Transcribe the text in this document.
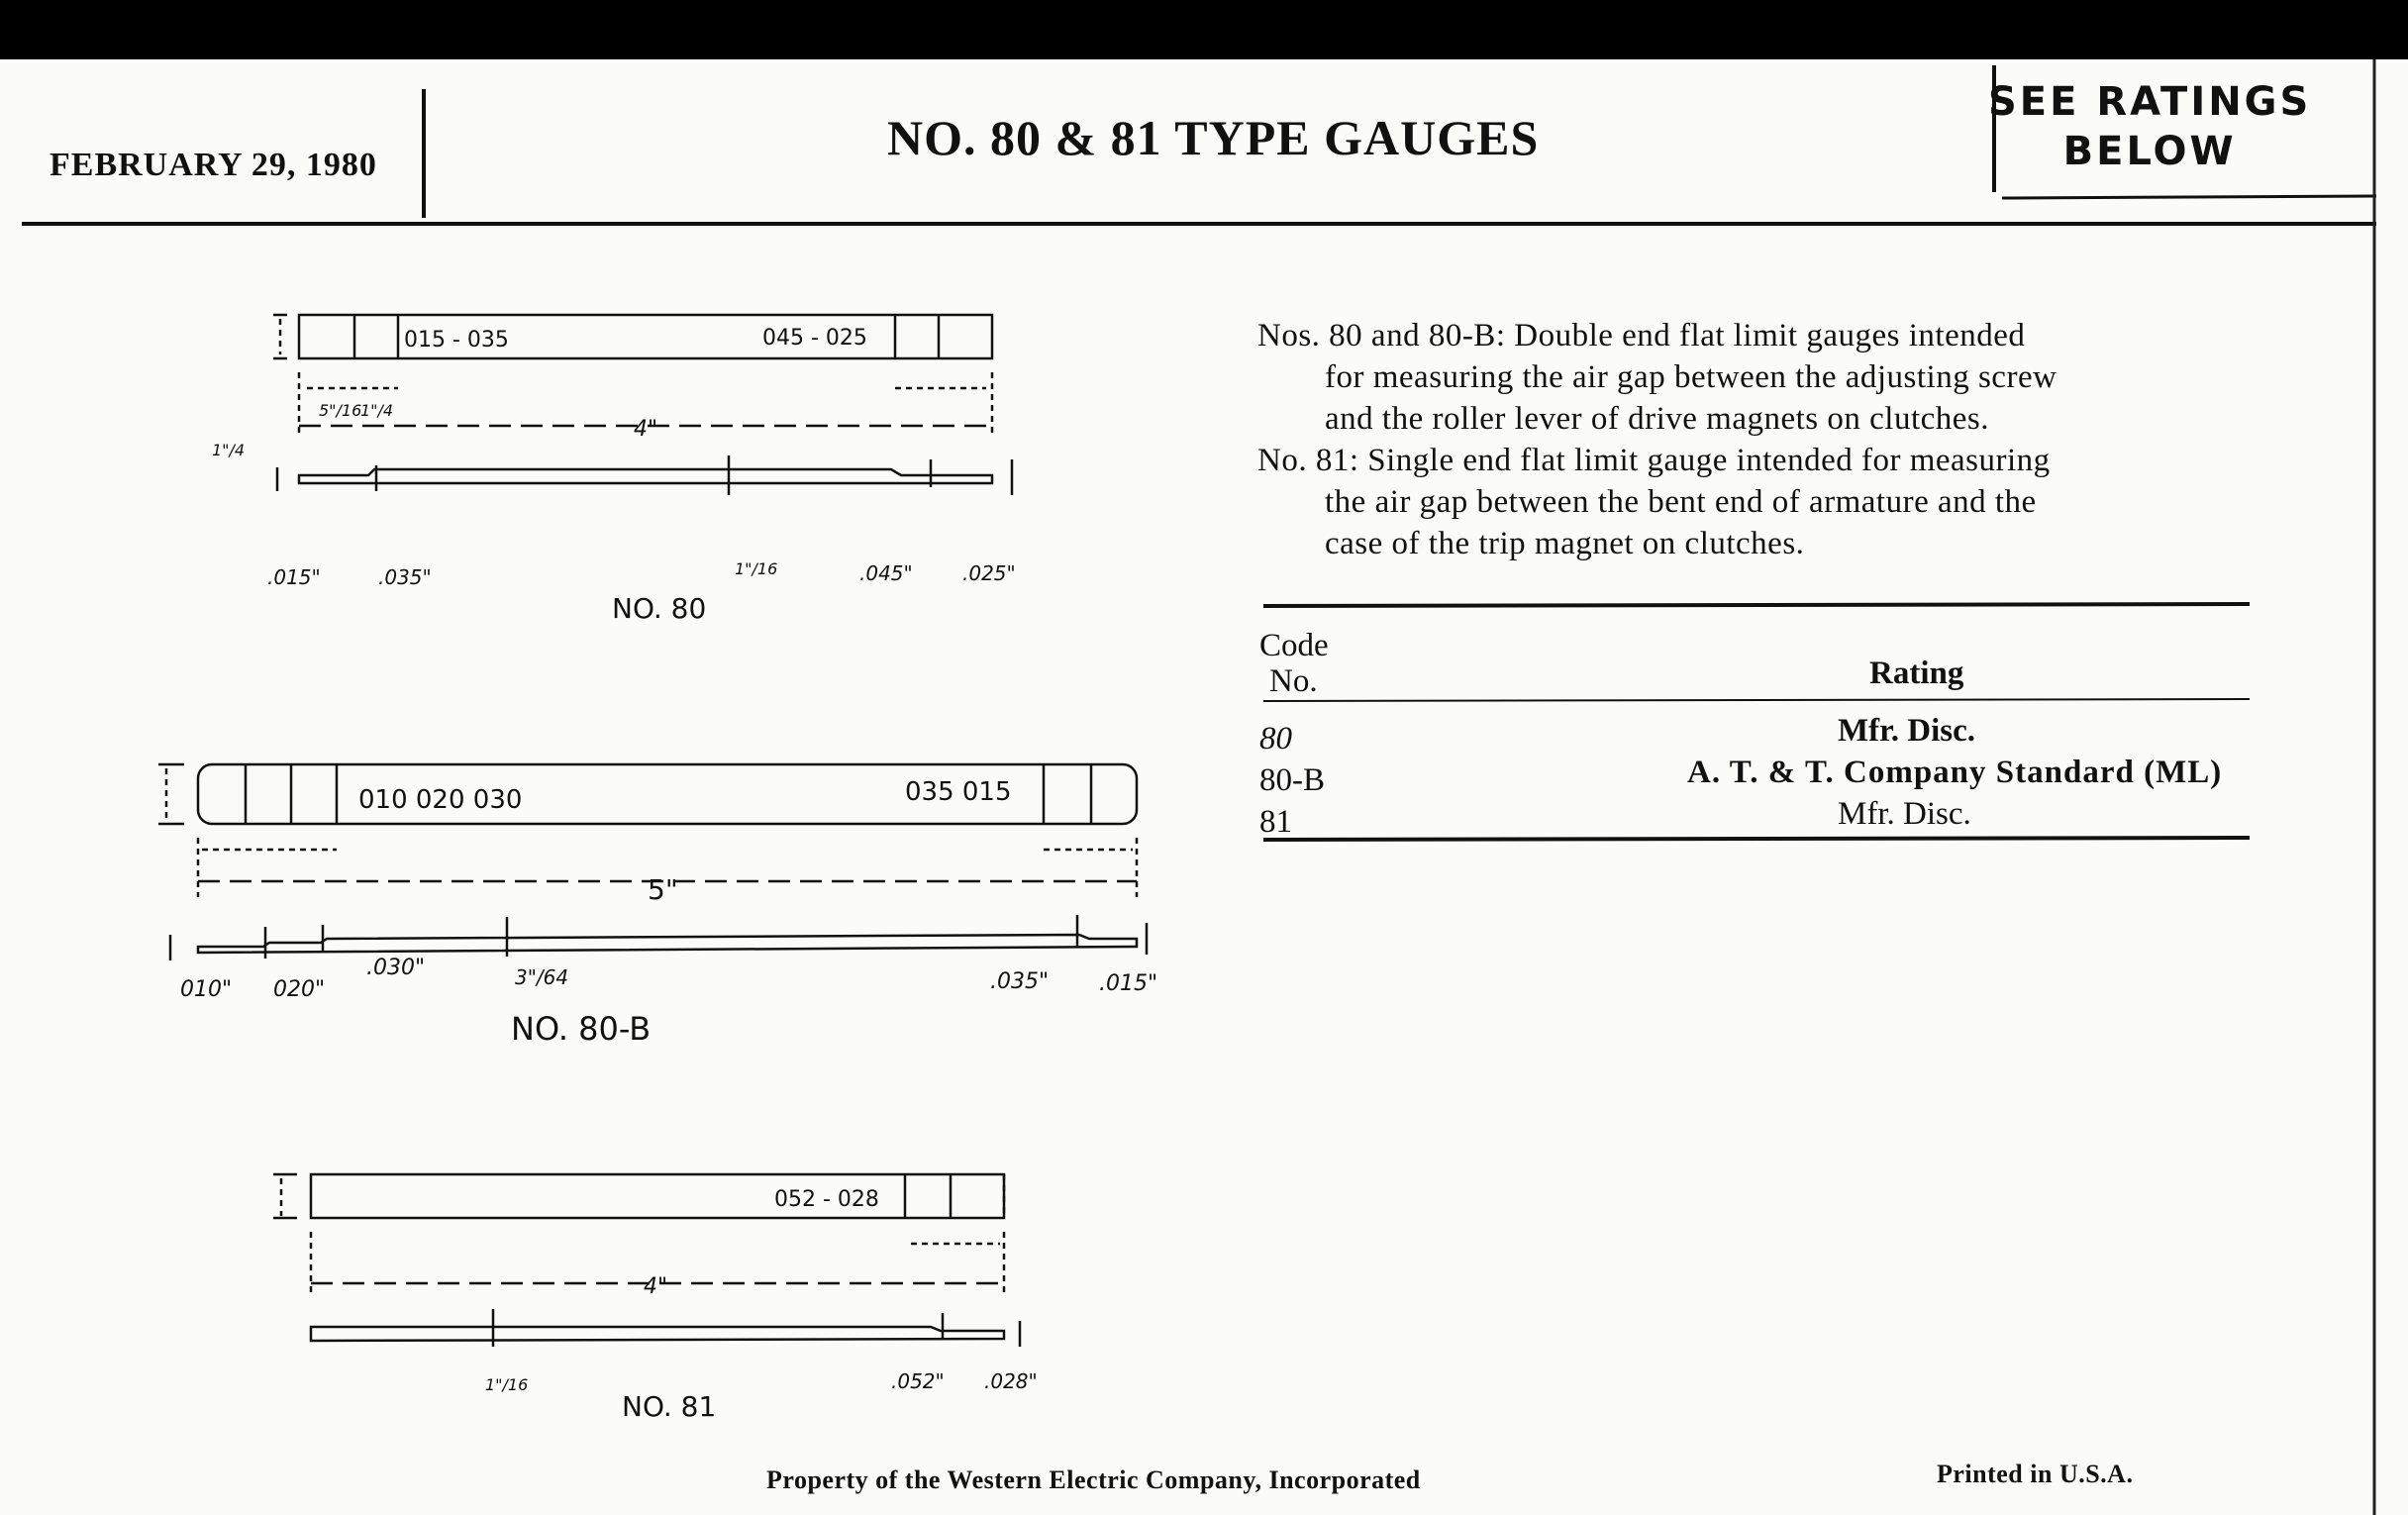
FEBRUARY 29, 1980	NO. 80 & 81 TYPE GAUGES
SEE RATINGS
BELOW
Nos. 80 and 80-B: Double end flat limit gauges intended
for measuring the air gap between the adjusting screw
and the roller lever of drive magnets on clutches.
No. 81: Single end flat limit gauge intended for measuring
the air gap between the bent end of armature and the
case of the trip magnet on clutches.
Code
No.	Rating
80	Mfr. Disc.
80-B	A. T. & T. Company Standard (ML)
81	Mfr. Disc.
015 - 035	045 - 025
4"
5"/16
1"/4
1"/4
.015"	.035"	1"/16	.045"	.025"
NO. 80
010 020 030	035 015
5"
010" 020"
.030"	3"/64	.035" .015"
NO. 80-B
052 - 028
4"
1"/16	.052" .028"
NO. 81
Property of the Western Electric Company, Incorporated	Printed in U.S.A.
